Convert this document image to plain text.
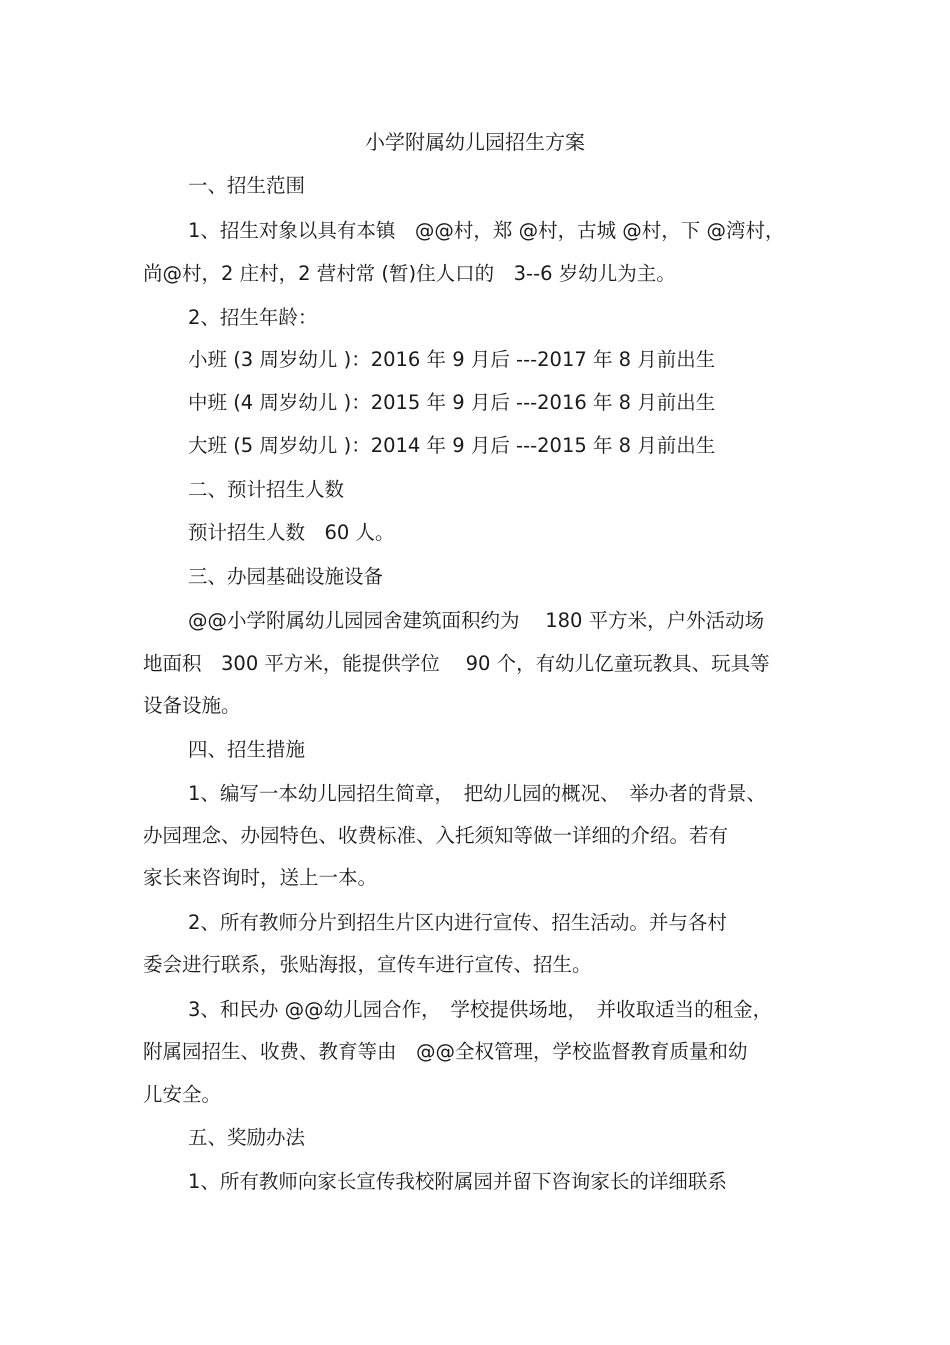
小学附属幼儿园招生方案
一、招生范围
1、招生对象以具有本镇　@@村，郑 @村，古城 @村，下 @湾村，
尚@村，2 庄村，2 营村常 (暂)住人口的　3--6 岁幼儿为主。
2、招生年龄：
小班 (3 周岁幼儿 )：2016 年 9 月后 ---2017 年 8 月前出生
中班 (4 周岁幼儿 )：2015 年 9 月后 ---2016 年 8 月前出生
大班 (5 周岁幼儿 )：2014 年 9 月后 ---2015 年 8 月前出生
二、预计招生人数
预计招生人数　60 人。
三、办园基础设施设备
@@小学附属幼儿园园舍建筑面积约为　 180 平方米，户外活动场
地面积　300 平方米，能提供学位　 90 个，有幼儿亿童玩教具、玩具等
设备设施。
四、招生措施
1、编写一本幼儿园招生简章，　把幼儿园的概况、　举办者的背景、
办园理念、办园特色、收费标准、入托须知等做一详细的介绍。若有
家长来咨询时，送上一本。
2、所有教师分片到招生片区内进行宣传、招生活动。并与各村
委会进行联系，张贴海报，宣传车进行宣传、招生。
3、和民办 @@幼儿园合作，　学校提供场地，　并收取适当的租金，
附属园招生、收费、教育等由　@@全权管理，学校监督教育质量和幼
儿安全。
五、奖励办法
1、所有教师向家长宣传我校附属园并留下咨询家长的详细联系
